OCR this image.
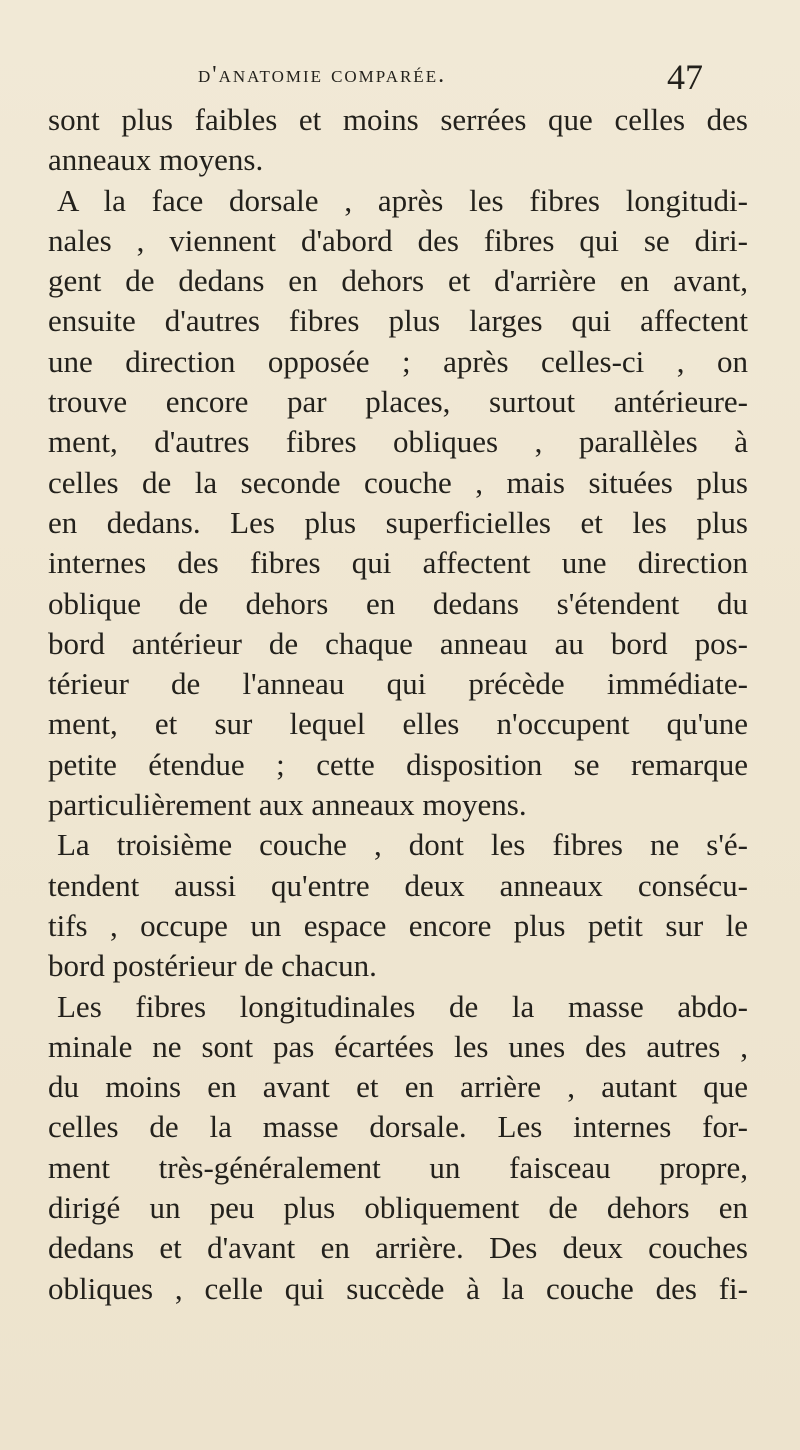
d'anatomie comparée.	47
sont plus faibles et moins serrées que celles des
anneaux moyens.
A la face dorsale , après les fibres longitudi-
nales , viennent d'abord des fibres qui se diri-
gent de dedans en dehors et d'arrière en avant,
ensuite d'autres fibres plus larges qui affectent
une direction opposée ; après celles-ci , on
trouve encore par places, surtout antérieure-
ment, d'autres fibres obliques , parallèles à
celles de la seconde couche , mais situées plus
en dedans. Les plus superficielles et les plus
internes des fibres qui affectent une direction
oblique de dehors en dedans s'étendent du
bord antérieur de chaque anneau au bord pos-
térieur de l'anneau qui précède immédiate-
ment, et sur lequel elles n'occupent qu'une
petite étendue ; cette disposition se remarque
particulièrement aux anneaux moyens.
La troisième couche , dont les fibres ne s'é-
tendent aussi qu'entre deux anneaux consécu-
tifs , occupe un espace encore plus petit sur le
bord postérieur de chacun.
Les fibres longitudinales de la masse abdo-
minale ne sont pas écartées les unes des autres ,
du moins en avant et en arrière , autant que
celles de la masse dorsale. Les internes for-
ment très-généralement un faisceau propre,
dirigé un peu plus obliquement de dehors en
dedans et d'avant en arrière. Des deux couches
obliques , celle qui succède à la couche des fi-
